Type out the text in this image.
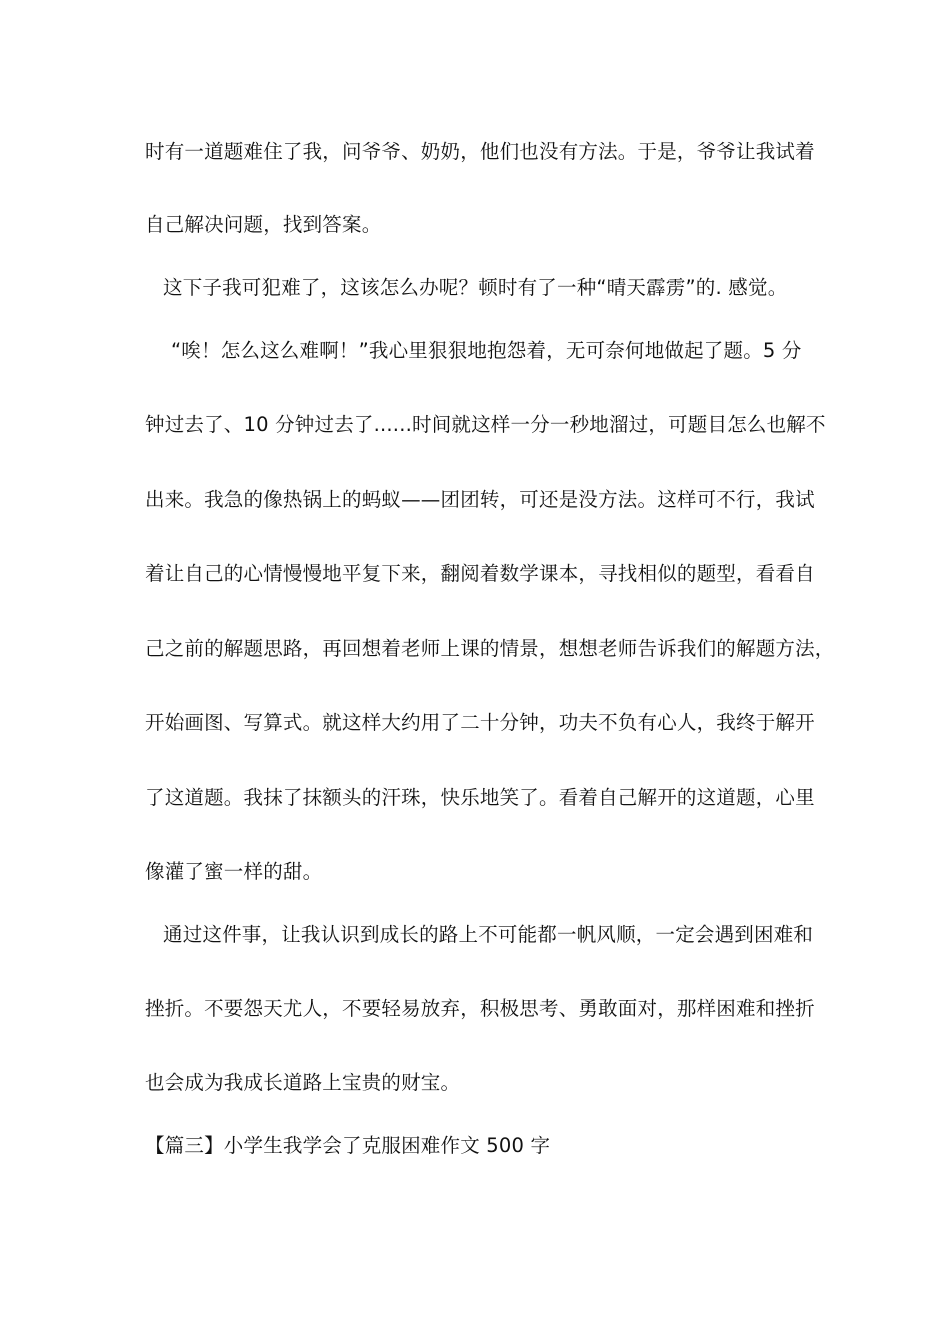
时有一道题难住了我，问爷爷、奶奶，他们也没有方法。于是，爷爷让我试着
自己解决问题，找到答案。
这下子我可犯难了，这该怎么办呢？顿时有了一种“晴天霹雳”的. 感觉。
“唉！怎么这么难啊！”我心里狠狠地抱怨着，无可奈何地做起了题。5 分
钟过去了、10 分钟过去了......时间就这样一分一秒地溜过，可题目怎么也解不
出来。我急的像热锅上的蚂蚁——团团转，可还是没方法。这样可不行，我试
着让自己的心情慢慢地平复下来，翻阅着数学课本，寻找相似的题型，看看自
己之前的解题思路，再回想着老师上课的情景，想想老师告诉我们的解题方法，
开始画图、写算式。就这样大约用了二十分钟，功夫不负有心人，我终于解开
了这道题。我抹了抹额头的汗珠，快乐地笑了。看着自己解开的这道题，心里
像灌了蜜一样的甜。
通过这件事，让我认识到成长的路上不可能都一帆风顺，一定会遇到困难和
挫折。不要怨天尤人，不要轻易放弃，积极思考、勇敢面对，那样困难和挫折
也会成为我成长道路上宝贵的财宝。
【篇三】小学生我学会了克服困难作文 500 字
